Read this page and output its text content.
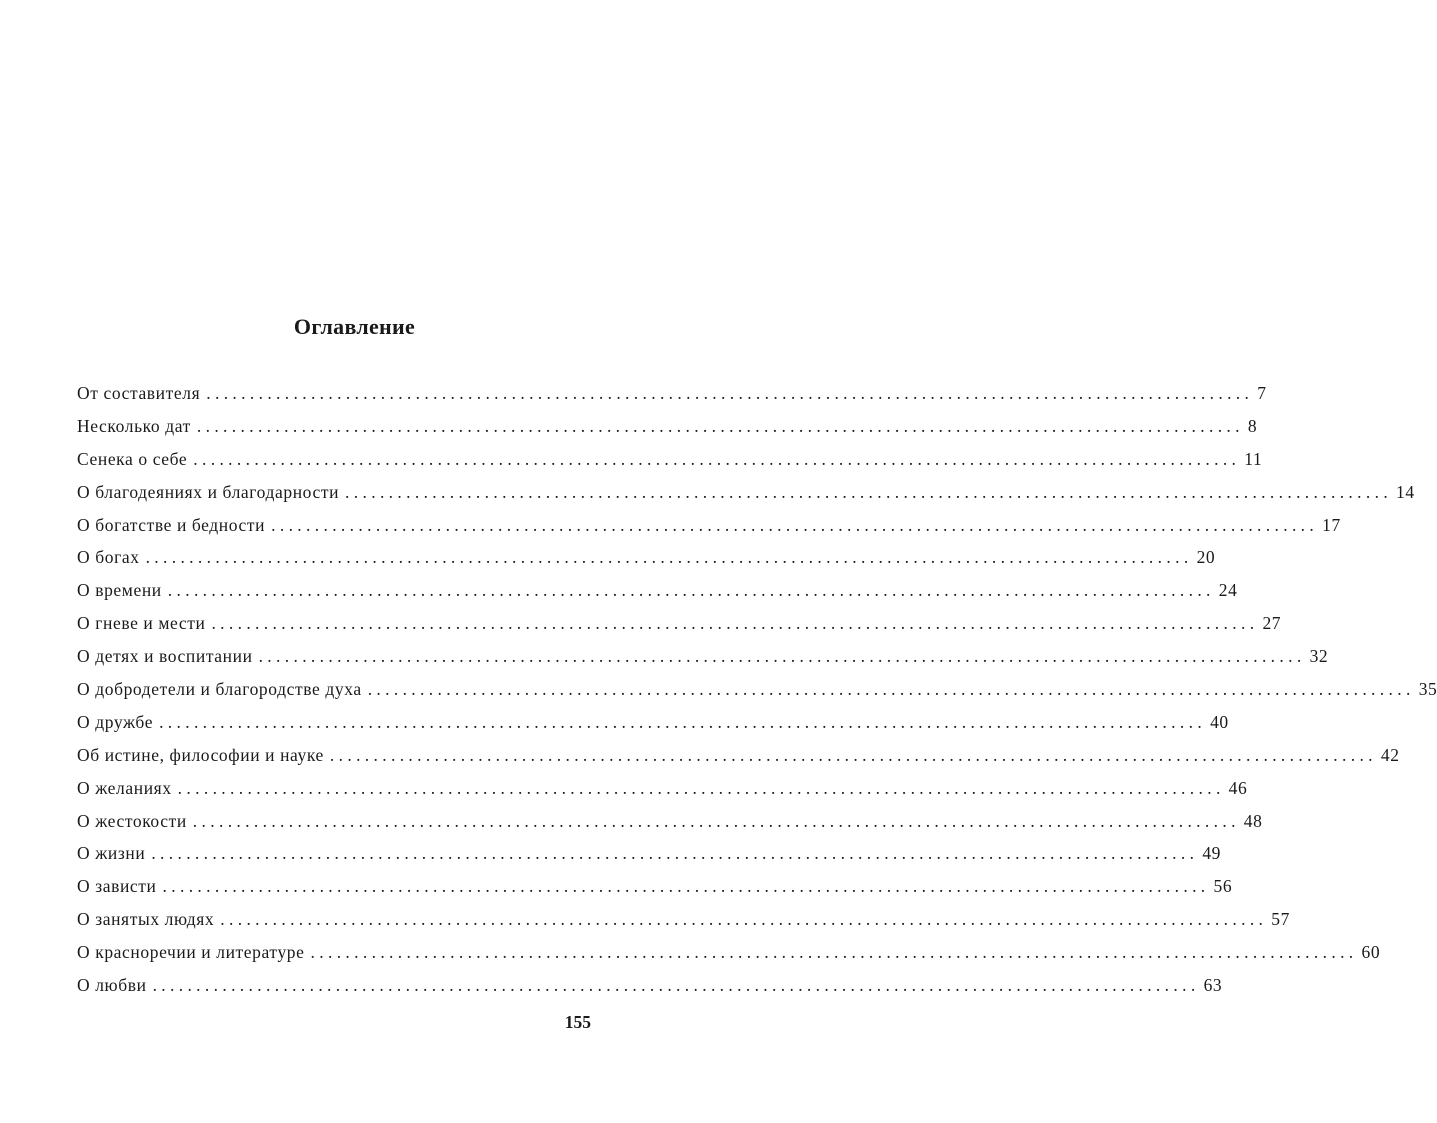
Оглавление
От составителя ........................................................................................................................ 7
Несколько дат ........................................................................................................................ 8
Сенека о себе ........................................................................................................................ 11
О благодеяниях и благодарности ........................................................................................................................ 14
О богатстве и бедности ........................................................................................................................ 17
О богах ........................................................................................................................ 20
О времени ........................................................................................................................ 24
О гневе и мести ........................................................................................................................ 27
О детях и воспитании ........................................................................................................................ 32
О добродетели и благородстве духа ........................................................................................................................ 35
О дружбе ........................................................................................................................ 40
Об истине, философии и науке ........................................................................................................................ 42
О желаниях ........................................................................................................................ 46
О жестокости ........................................................................................................................ 48
О жизни ........................................................................................................................ 49
О зависти ........................................................................................................................ 56
О занятых людях ........................................................................................................................ 57
О красноречии и литературе ........................................................................................................................ 60
О любви ........................................................................................................................ 63
155
